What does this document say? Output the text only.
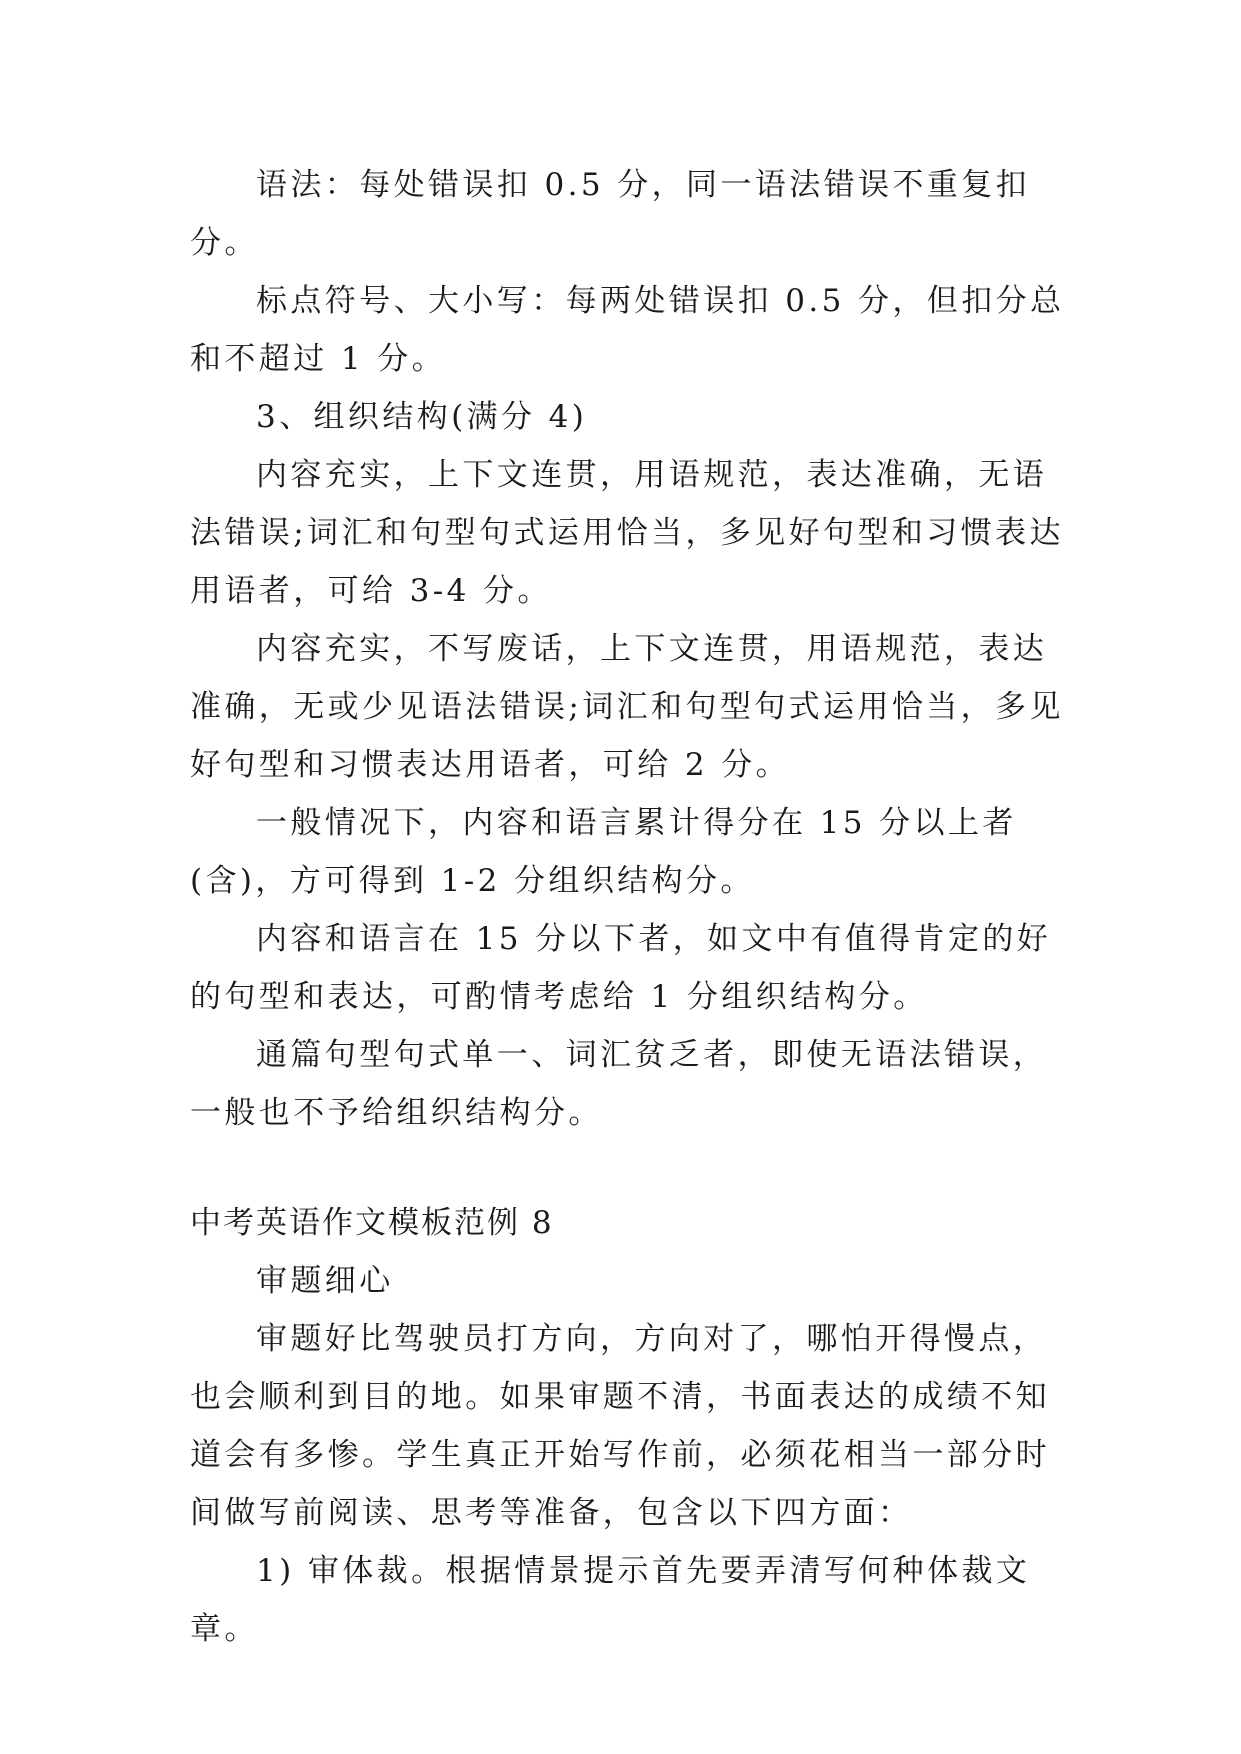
语法：每处错误扣 0.5 分，同一语法错误不重复扣分。

标点符号、大小写：每两处错误扣 0.5 分，但扣分总和不超过 1 分。

3、组织结构(满分 4)

内容充实，上下文连贯，用语规范，表达准确，无语法错误;词汇和句型句式运用恰当，多见好句型和习惯表达用语者，可给 3-4 分。

内容充实，不写废话，上下文连贯，用语规范，表达准确，无或少见语法错误;词汇和句型句式运用恰当，多见好句型和习惯表达用语者，可给 2 分。

一般情况下，内容和语言累计得分在 15 分以上者(含)，方可得到 1-2 分组织结构分。

内容和语言在 15 分以下者，如文中有值得肯定的好的句型和表达，可酌情考虑给 1 分组织结构分。

通篇句型句式单一、词汇贫乏者，即使无语法错误，一般也不予给组织结构分。

中考英语作文模板范例 8

审题细心

审题好比驾驶员打方向，方向对了，哪怕开得慢点，也会顺利到目的地。如果审题不清，书面表达的成绩不知道会有多惨。学生真正开始写作前，必须花相当一部分时间做写前阅读、思考等准备，包含以下四方面：

1) 审体裁。根据情景提示首先要弄清写何种体裁文章。
